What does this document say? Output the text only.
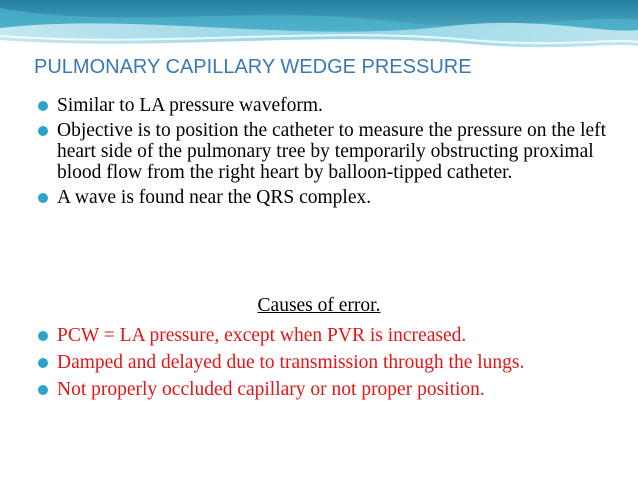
PULMONARY CAPILLARY WEDGE PRESSURE
Similar to LA pressure waveform.
Objective is to position the catheter to measure the pressure on the left heart side of the pulmonary tree by temporarily obstructing proximal blood flow from the right heart by balloon-tipped catheter.
A wave is found near the QRS complex.
Causes of error.
PCW = LA pressure, except when PVR is increased.
Damped and delayed due to transmission through the lungs.
Not properly occluded capillary or not proper position.
